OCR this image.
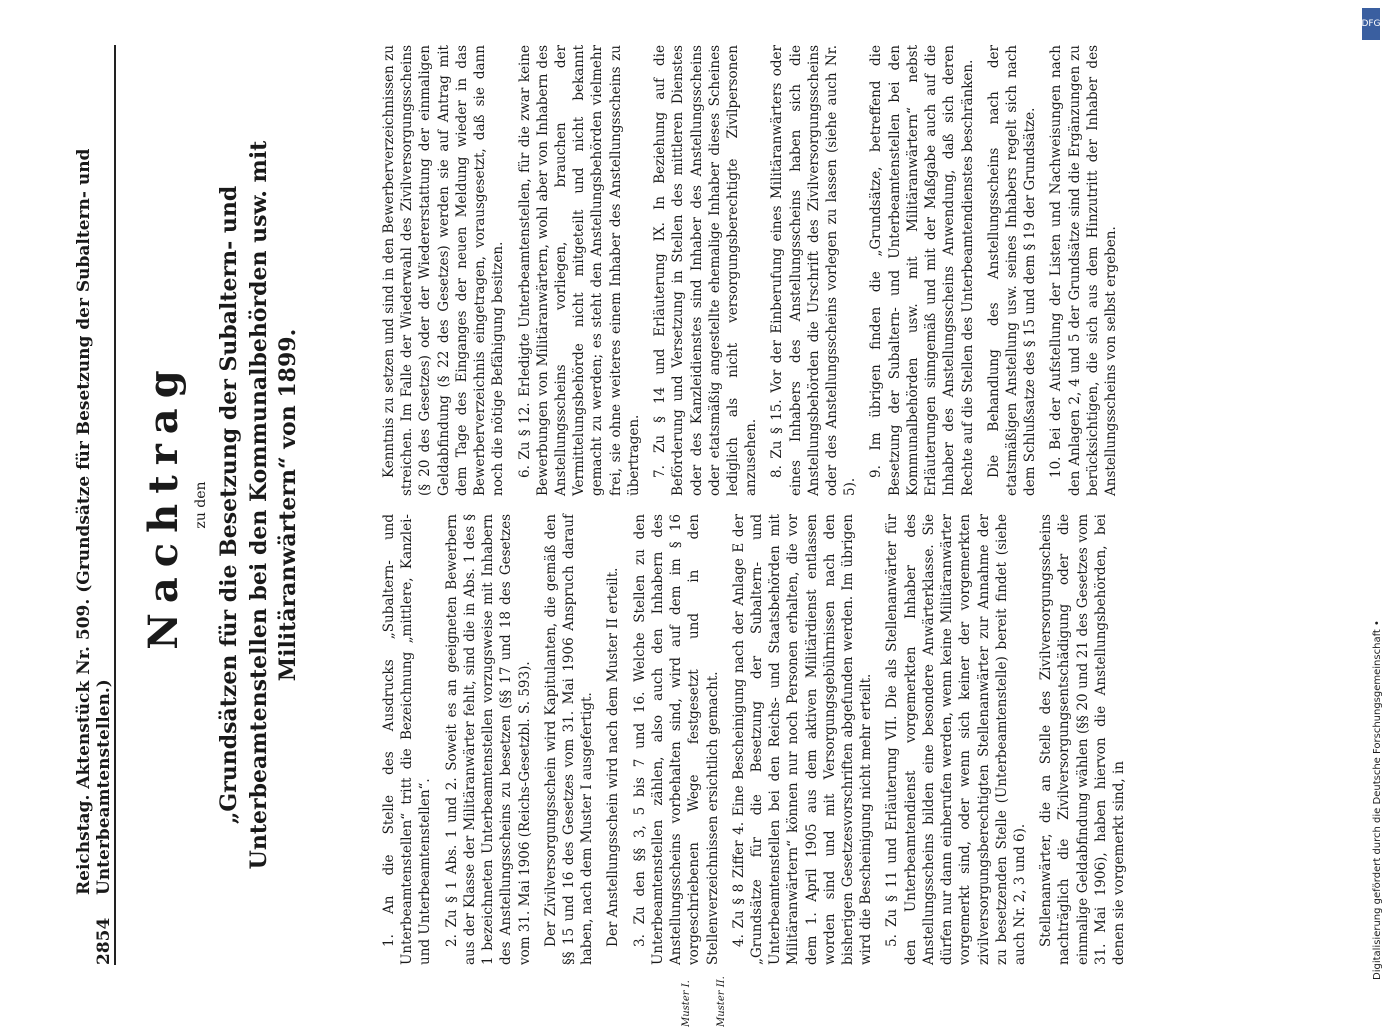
2854
Reichstag. Aktenstück Nr. 509. (Grundsätze für Besetzung der Subaltern- und Unterbeamtenstellen.)
Nachtrag zu den „Grundsätzen für die Besetzung der Subaltern- und Unterbeamtenstellen bei den Kommunalbehörden usw. mit Militäranwärtern“ von 1899.

1. An die Stelle des Ausdrucks „Subaltern- und Unterbeamtenstellen“ tritt die Bezeichnung „mittlere, Kanzlei- und Unterbeamtenstellen“. 2. Zu § 1 Abs. 1 und 2. Soweit es an geeigneten Bewerbern aus der Klasse der Militäranwärter fehlt, sind die in Abs. 1 des § 1 bezeichneten Unterbeamtenstellen vorzugsweise mit Inhabern des Anstellungsscheins zu besetzen (§§ 17 und 18 des Gesetzes vom 31. Mai 1906 (Reichs-Gesetzbl. S. 593). Der Zivilversorgungsschein wird Kapitulanten, die gemäß den §§ 15 und 16 des Gesetzes vom 31. Mai 1906 Anspruch darauf haben, nach dem Muster I ausgefertigt. Der Anstellungsschein wird nach dem Muster II erteilt. 3. Zu den §§ 3, 5 bis 7 und 16. Welche Stellen zu den Unterbeamtenstellen zählen, also auch den Inhabern des Anstellungsscheins vorbehalten sind, wird auf dem im § 16 vorgeschriebenen Wege festgesetzt und in den Stellenverzeichnissen ersichtlich gemacht. 4. Zu § 8 Ziffer 4. Eine Bescheinigung nach der Anlage E der „Grundsätze für die Besetzung der Subaltern- und Unterbeamtenstellen bei den Reichs- und Staatsbehörden mit Militäranwärtern“ können nur noch Personen erhalten, die vor dem 1. April 1905 aus dem aktiven Militärdienst entlassen worden sind und mit Versorgungsgebührnissen nach den bisherigen Gesetzesvorschriften abgefunden werden. Im übrigen wird die Bescheinigung nicht mehr erteilt. 5. Zu § 11 und Erläuterung VII. Die als Stellenanwärter für den Unterbeamtendienst vorgemerkten Inhaber des Anstellungsscheins bilden eine besondere Anwärterklasse. Sie dürfen nur dann einberufen werden, wenn keine Militäranwärter vorgemerkt sind, oder wenn sich keiner der vorgemerkten zivilversorgungsberechtigten Stellenanwärter zur Annahme der zu besetzenden Stelle (Unterbeamtenstelle) bereit findet (siehe auch Nr. 2, 3 und 6). Stellenanwärter, die an Stelle des Zivilversorgungsscheins nachträglich die Zivilversorgungsentschädigung oder die einmalige Geldabfindung wählen (§§ 20 und 21 des Gesetzes vom 31. Mai 1906), haben hiervon die Anstellungsbehörden, bei denen sie vorgemerkt sind, in

Muster I. Muster II.

Kenntnis zu setzen und sind in den Bewerberverzeichnissen zu streichen. Im Falle der Wiederwahl des Zivilversorgungsscheins (§ 20 des Gesetzes) oder der Wiedererstattung der einmaligen Geldabfindung (§ 22 des Gesetzes) werden sie auf Antrag mit dem Tage des Einganges der neuen Meldung wieder in das Bewerberverzeichnis eingetragen, vorausgesetzt, daß sie dann noch die nötige Befähigung besitzen. 6. Zu § 12. Erledigte Unterbeamtenstellen, für die zwar keine Bewerbungen von Militäranwärtern, wohl aber von Inhabern des Anstellungsscheins vorliegen, brauchen der Vermittelungsbehörde nicht mitgeteilt und nicht bekannt gemacht zu werden; es steht den Anstellungsbehörden vielmehr frei, sie ohne weiteres einem Inhaber des Anstellungsscheins zu übertragen. 7. Zu § 14 und Erläuterung IX. In Beziehung auf die Beförderung und Versetzung in Stellen des mittleren Dienstes oder des Kanzleidienstes sind Inhaber des Anstellungsscheins oder etatsmäßig angestellte ehemalige Inhaber dieses Scheines lediglich als nicht versorgungsberechtigte Zivilpersonen anzusehen. 8. Zu § 15. Vor der Einberufung eines Militäranwärters oder eines Inhabers des Anstellungsscheins haben sich die Anstellungsbehörden die Urschrift des Zivilversorgungsscheins oder des Anstellungsscheins vorlegen zu lassen (siehe auch Nr. 5).

9. Im übrigen finden die „Grundsätze, betreffend die Besetzung der Subaltern- und Unterbeamtenstellen bei den Kommunalbehörden usw. mit Militäranwärtern“ nebst Erläuterungen sinngemäß und mit der Maßgabe auch auf die Inhaber des Anstellungsscheins Anwendung, daß sich deren Rechte auf die Stellen des Unterbeamtendienstes beschränken. Die Behandlung des Anstellungsscheins nach der etatsmäßigen Anstellung usw. seines Inhabers regelt sich nach dem Schlußsatze des § 15 und dem § 19 der Grundsätze. 10. Bei der Aufstellung der Listen und Nachweisungen nach den Anlagen 2, 4 und 5 der Grundsätze sind die Ergänzungen zu berücksichtigen, die sich aus dem Hinzutritt der Inhaber des Anstellungsscheins von selbst ergeben.

DFG
Digitalisierung gefördert durch die Deutsche Forschungsgemeinschaft •
